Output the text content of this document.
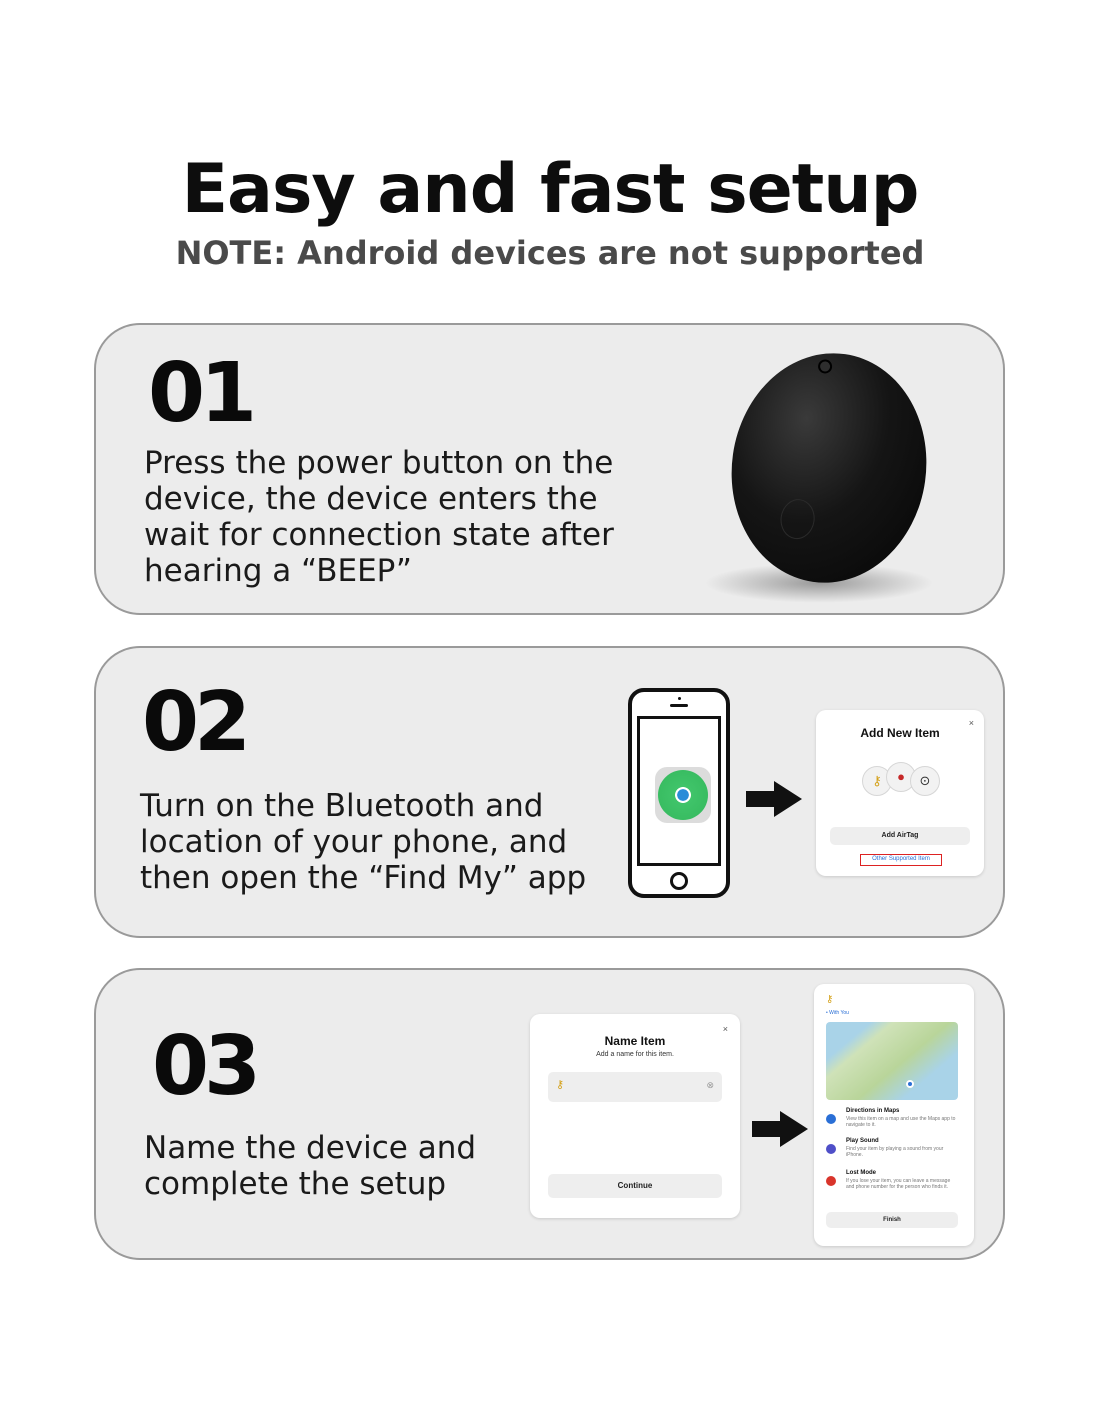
Easy and fast setup
NOTE: Android devices are not supported
01
Press the power button on the device, the device enters the wait for connection state after hearing a “BEEP”
02
Turn on the Bluetooth and location of your phone, and then open the “Find My” app
Add New Item
×
⚷	●	⊙
Add AirTag
Other Supported Item
03
Name the device and complete the setup
Name Item
Add a name for this item.
×
⚷	⊗
Continue
⚷
• With You
Directions in Maps
View this item on a map and use the Maps app to navigate to it.
Play Sound
Find your item by playing a sound from your iPhone.
Lost Mode
If you lose your item, you can leave a message and phone number for the person who finds it.
Finish
